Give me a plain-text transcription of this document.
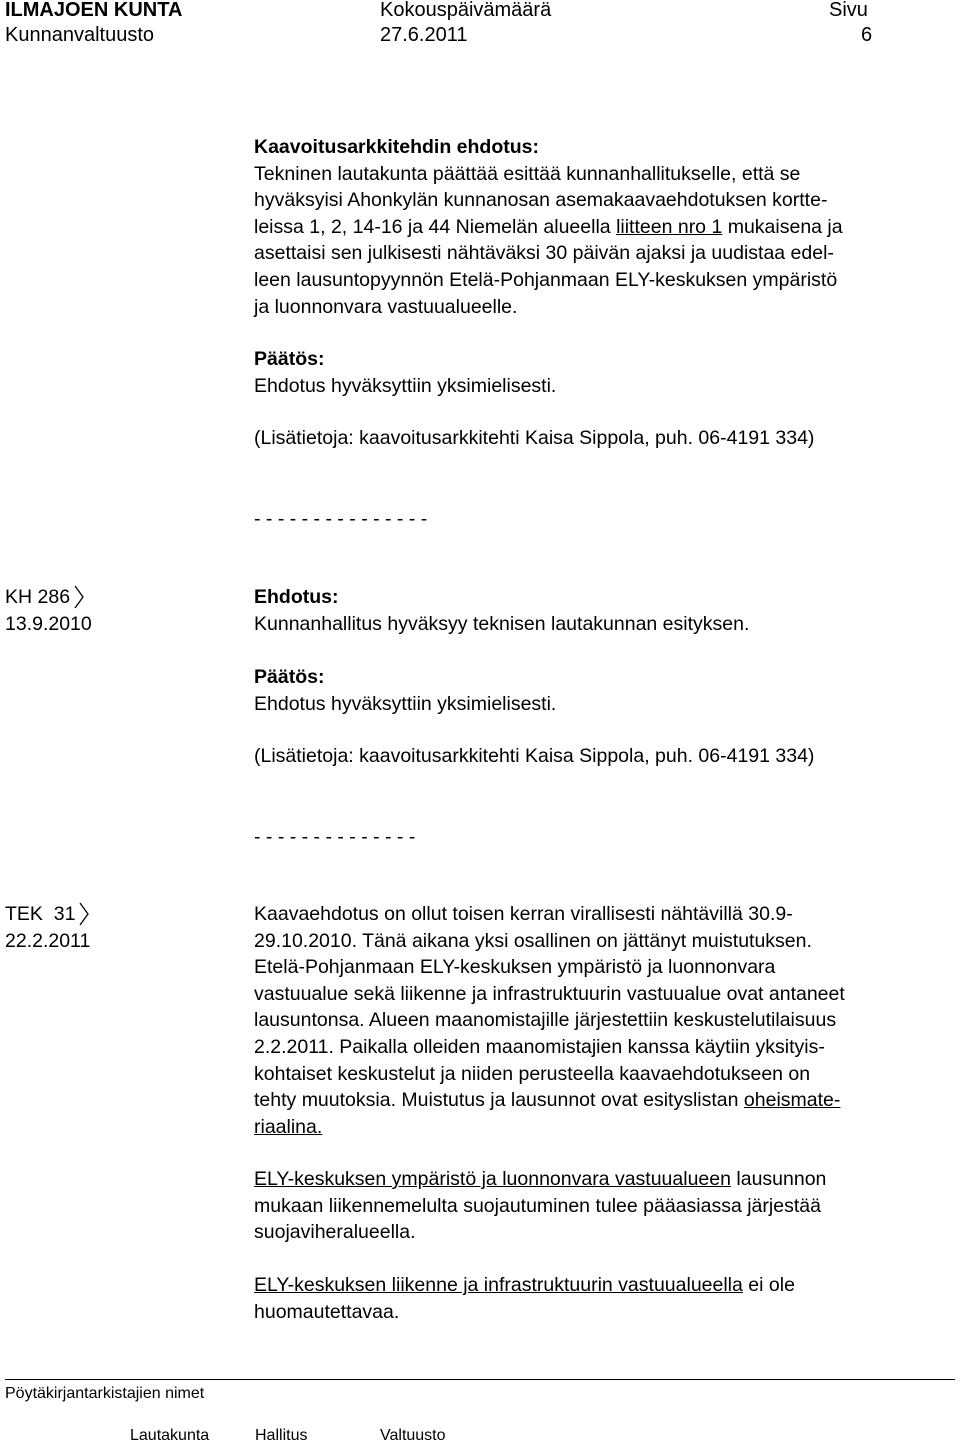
ILMAJOEN KUNTA
Kunnanvaltuusto
Kokouspäivämäärä
27.6.2011
Sivu
6
Kaavoitusarkkitehdin ehdotus:
Tekninen lautakunta päättää esittää kunnanhallitukselle, että se
hyväksyisi Ahonkylän kunnanosan asemakaavaehdotuksen kortte-
leissa 1, 2, 14-16 ja 44 Niemelän alueella liitteen nro 1 mukaisena ja
asettaisi sen julkisesti nähtäväksi 30 päivän ajaksi ja uudistaa edel-
leen lausuntopyynnön Etelä-Pohjanmaan ELY-keskuksen ympäristö
ja luonnonvara vastuualueelle.
Päätös:
Ehdotus hyväksyttiin yksimielisesti.
(Lisätietoja: kaavoitusarkkitehti Kaisa Sippola, puh. 06-4191 334)
- - - - - - - - - - - - - - -
KH 286
13.9.2010
Ehdotus:
Kunnanhallitus hyväksyy teknisen lautakunnan esityksen.
Päätös:
Ehdotus hyväksyttiin yksimielisesti.
(Lisätietoja: kaavoitusarkkitehti Kaisa Sippola, puh. 06-4191 334)
- - - - - - - - - - - - - -
TEK  31
22.2.2011
Kaavaehdotus on ollut toisen kerran virallisesti nähtävillä 30.9-
29.10.2010. Tänä aikana yksi osallinen on jättänyt muistutuksen.
Etelä-Pohjanmaan ELY-keskuksen ympäristö ja luonnonvara
vastuualue sekä liikenne ja infrastruktuurin vastuualue ovat antaneet
lausuntonsa. Alueen maanomistajille järjestettiin keskustelutilaisuus
2.2.2011. Paikalla olleiden maanomistajien kanssa käytiin yksityis-
kohtaiset keskustelut ja niiden perusteella kaavaehdotukseen on
tehty muutoksia. Muistutus ja lausunnot ovat esityslistan oheismate-
riaalina.
ELY-keskuksen ympäristö ja luonnonvara vastuualueen lausunnon
mukaan liikennemelulta suojautuminen tulee pääasiassa järjestää
suojaviheralueella.
ELY-keskuksen liikenne ja infrastruktuurin vastuualueella ei ole
huomautettavaa.
Pöytäkirjantarkistajien nimet
Lautakunta	Hallitus	Valtuusto
